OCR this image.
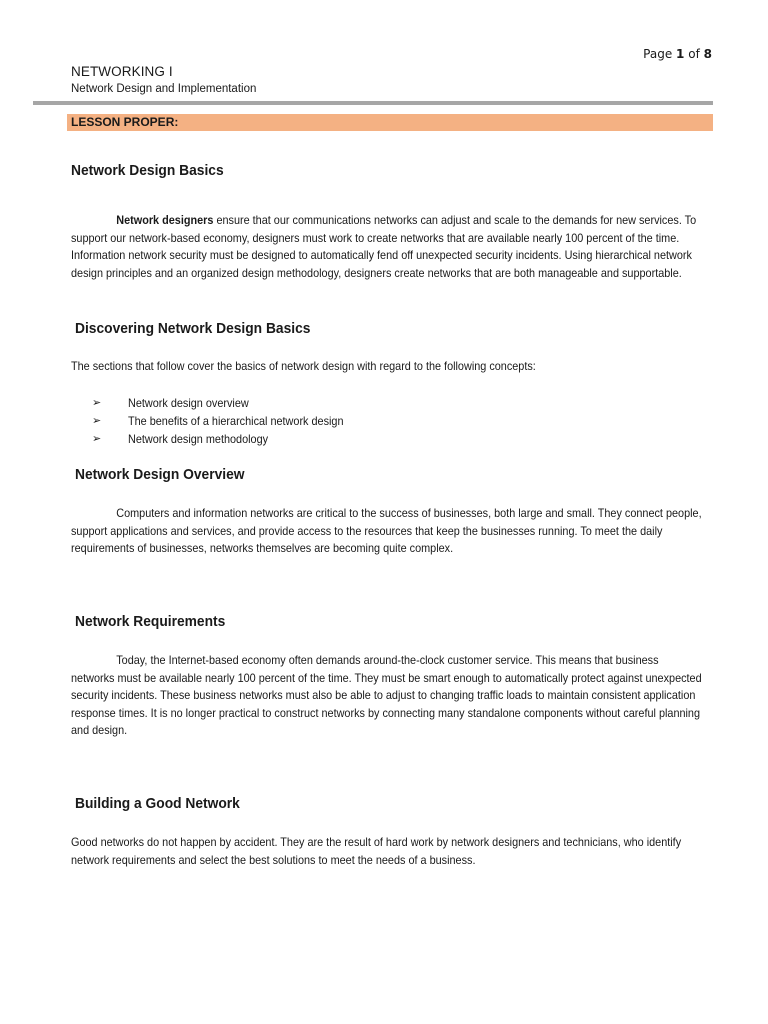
Page 1 of 8
NETWORKING I
Network Design and Implementation
LESSON PROPER:
Network Design Basics
Network designers ensure that our communications networks can adjust and scale to the demands for new services. To support our network-based economy, designers must work to create networks that are available nearly 100 percent of the time. Information network security must be designed to automatically fend off unexpected security incidents. Using hierarchical network design principles and an organized design methodology, designers create networks that are both manageable and supportable.
Discovering Network Design Basics
The sections that follow cover the basics of network design with regard to the following concepts:
➢	Network design overview
➢	The benefits of a hierarchical network design
➢	Network design methodology
Network Design Overview
Computers and information networks are critical to the success of businesses, both large and small. They connect people, support applications and services, and provide access to the resources that keep the businesses running. To meet the daily requirements of businesses, networks themselves are becoming quite complex.
Network Requirements
Today, the Internet-based economy often demands around-the-clock customer service. This means that business networks must be available nearly 100 percent of the time. They must be smart enough to automatically protect against unexpected security incidents. These business networks must also be able to adjust to changing traffic loads to maintain consistent application response times. It is no longer practical to construct networks by connecting many standalone components without careful planning and design.
Building a Good Network
Good networks do not happen by accident. They are the result of hard work by network designers and technicians, who identify network requirements and select the best solutions to meet the needs of a business.
